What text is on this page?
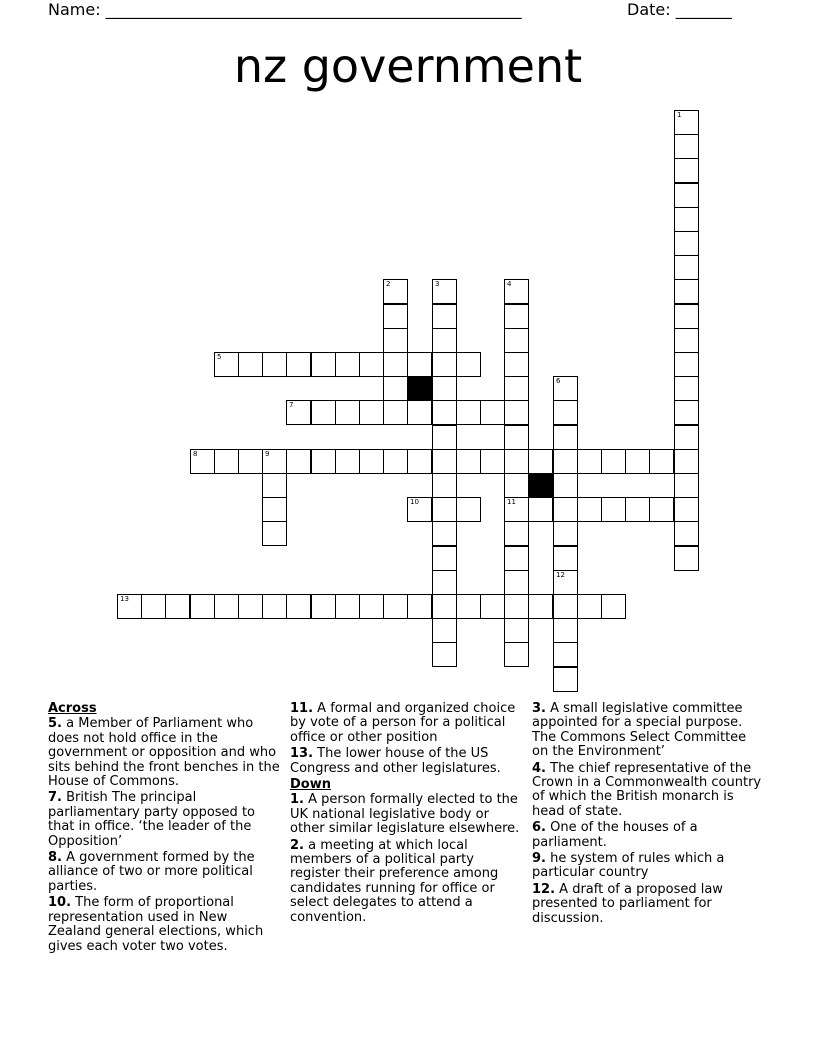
Name: ____________________________________________________	Date: _______
nz government
1
2	3	4
11
6
9
12
5
7
8
10
13
Across
5. a Member of Parliament who does not hold office in the government or opposition and who sits behind the front benches in the House of Commons.
7. British The principal parliamentary party opposed to that in office. ‘the leader of the Opposition’
8. A government formed by the alliance of two or more political parties.
10. The form of proportional representation used in New Zealand general elections, which gives each voter two votes.
11. A formal and organized choice by vote of a person for a political office or other position
13. The lower house of the US Congress and other legislatures.
Down
1. A person formally elected to the UK national legislative body or other similar legislature elsewhere.
2. a meeting at which local members of a political party register their preference among candidates running for office or select delegates to attend a convention.
3. A small legislative committee appointed for a special purpose. The Commons Select Committee on the Environment’
4. The chief representative of the Crown in a Commonwealth country of which the British monarch is head of state.
6. One of the houses of a parliament.
9. he system of rules which a particular country
12. A draft of a proposed law presented to parliament for discussion.
